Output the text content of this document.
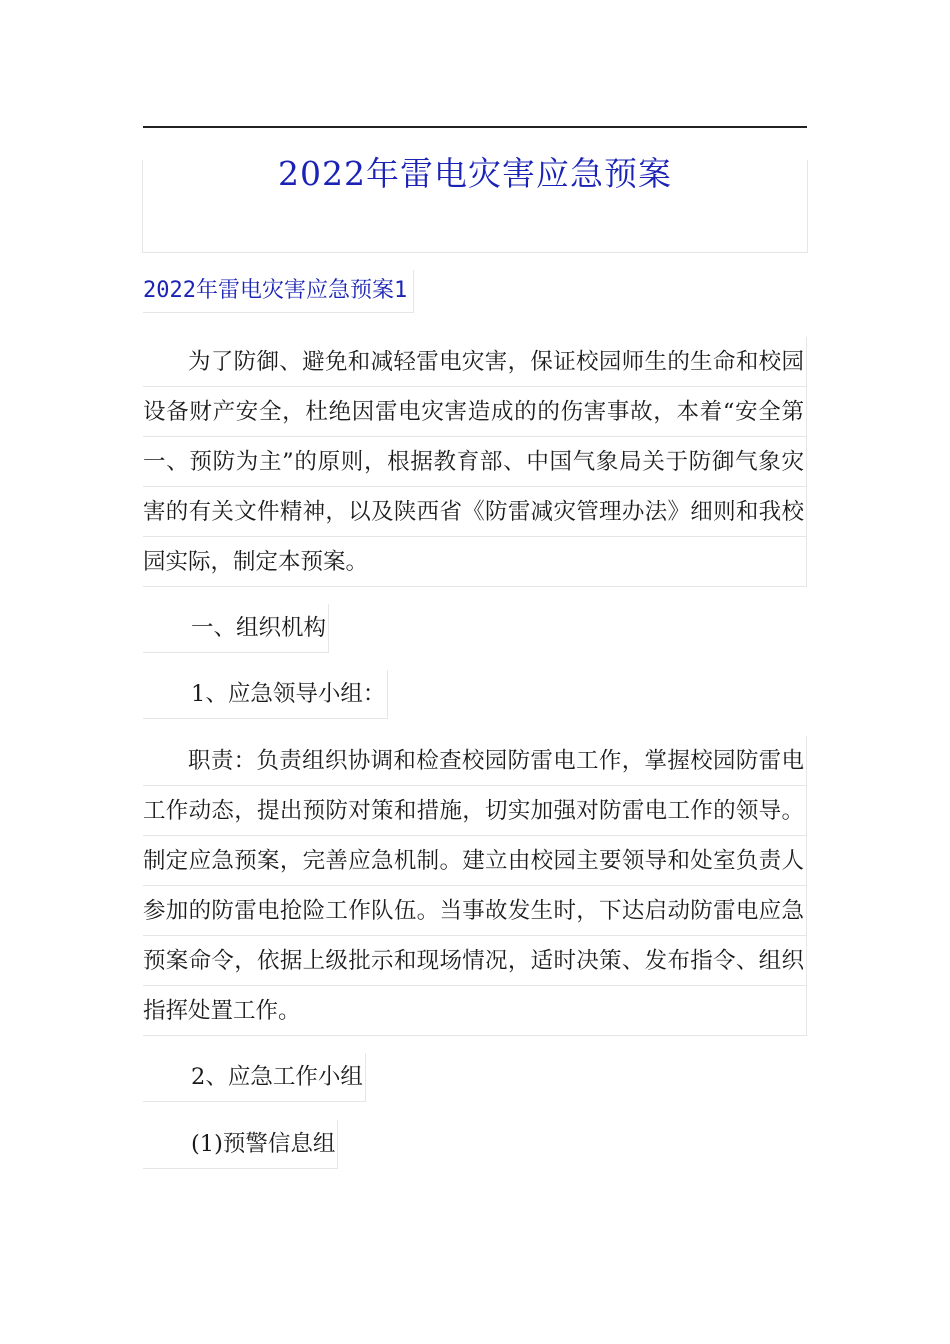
2022年雷电灾害应急预案
2022年雷电灾害应急预案1

为了防御、避免和减轻雷电灾害，保证校园师生的生命和校园设备财产安全，杜绝因雷电灾害造成的的伤害事故，本着“安全第一、预防为主”的原则，根据教育部、中国气象局关于防御气象灾害的有关文件精神，以及陕西省《防雷减灾管理办法》细则和我校园实际，制定本预案。

一、组织机构
1、应急领导小组：

职责：负责组织协调和检查校园防雷电工作，掌握校园防雷电工作动态，提出预防对策和措施，切实加强对防雷电工作的领导。制定应急预案，完善应急机制。建立由校园主要领导和处室负责人参加的防雷电抢险工作队伍。当事故发生时，下达启动防雷电应急预案命令，依据上级批示和现场情况，适时决策、发布指令、组织指挥处置工作。

2、应急工作小组
(1)预警信息组
